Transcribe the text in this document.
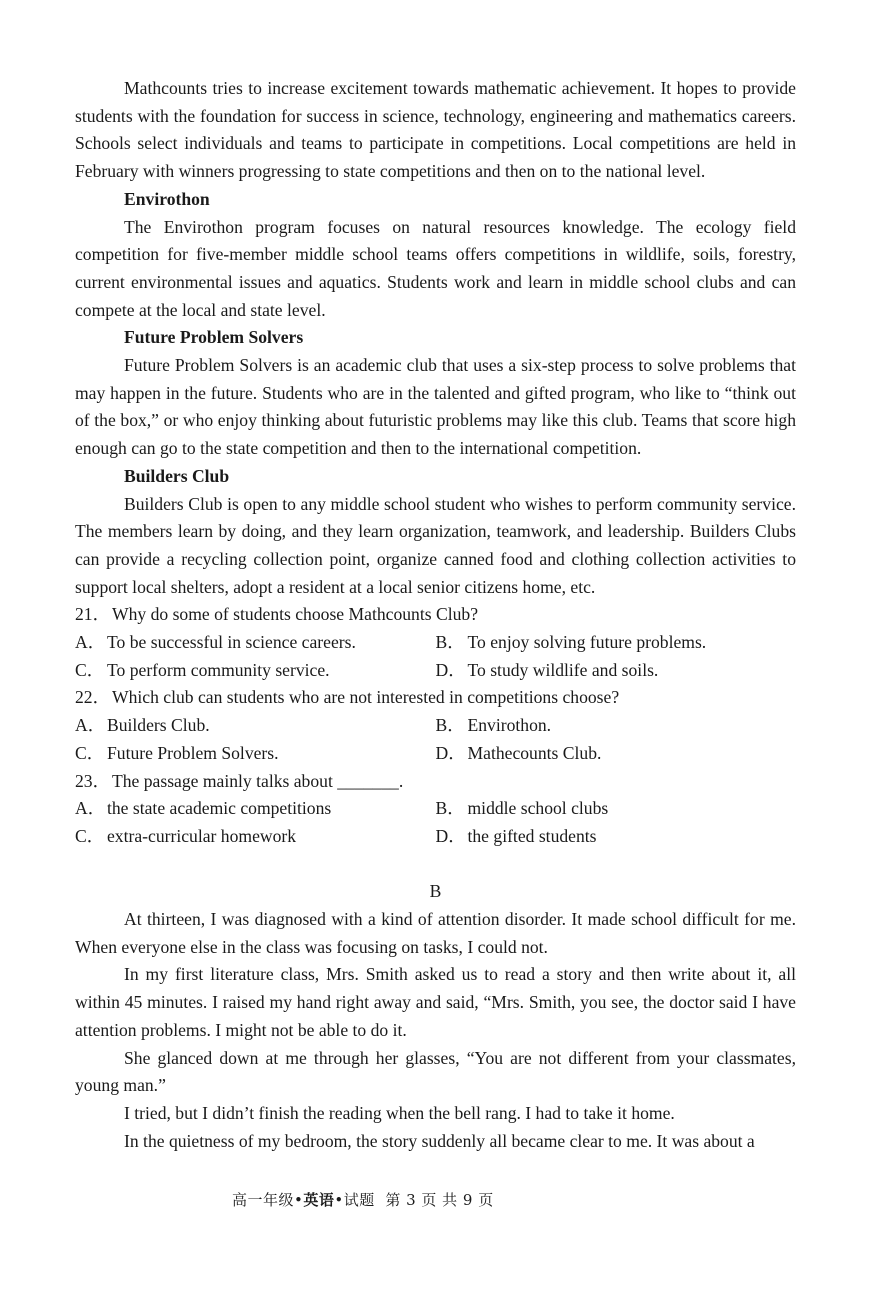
Mathcounts tries to increase excitement towards mathematic achievement. It hopes to provide students with the foundation for success in science, technology, engineering and mathematics careers. Schools select individuals and teams to participate in competitions. Local competitions are held in February with winners progressing to state competitions and then on to the national level.

Envirothon

The Envirothon program focuses on natural resources knowledge. The ecology field competition for five-member middle school teams offers competitions in wildlife, soils, forestry, current environmental issues and aquatics. Students work and learn in middle school clubs and can compete at the local and state level.

Future Problem Solvers

Future Problem Solvers is an academic club that uses a six-step process to solve problems that may happen in the future. Students who are in the talented and gifted program, who like to “think out of the box,” or who enjoy thinking about futuristic problems may like this club. Teams that score high enough can go to the state competition and then to the international competition.

Builders Club

Builders Club is open to any middle school student who wishes to perform community service. The members learn by doing, and they learn organization, teamwork, and leadership. Builders Clubs can provide a recycling collection point, organize canned food and clothing collection activities to support local shelters, adopt a resident at a local senior citizens home, etc.

21． Why do some of students choose Mathcounts Club?

A．To be successful in science careers.	B． To enjoy solving future problems.
C． To perform community service.	D．To study wildlife and soils.

22． Which club can students who are not interested in competitions choose?

A．Builders Club.	B． Envirothon.
C． Future Problem Solvers.	D．Mathecounts Club.

23． The passage mainly talks about _______.

A．the state academic competitions	B． middle school clubs
C． extra-curricular homework	D．the gifted students
B

At thirteen, I was diagnosed with a kind of attention disorder. It made school difficult for me. When everyone else in the class was focusing on tasks, I could not.

In my first literature class, Mrs. Smith asked us to read a story and then write about it, all within 45 minutes. I raised my hand right away and said, “Mrs. Smith, you see, the doctor said I have attention problems. I might not be able to do it.

She glanced down at me through her glasses, “You are not different from your classmates, young man.”

I tried, but I didn’t finish the reading when the bell rang. I had to take it home.

In the quietness of my bedroom, the story suddenly all became clear to me. It was about a

高一年级•英语•试题 第 3 页 共 9 页
